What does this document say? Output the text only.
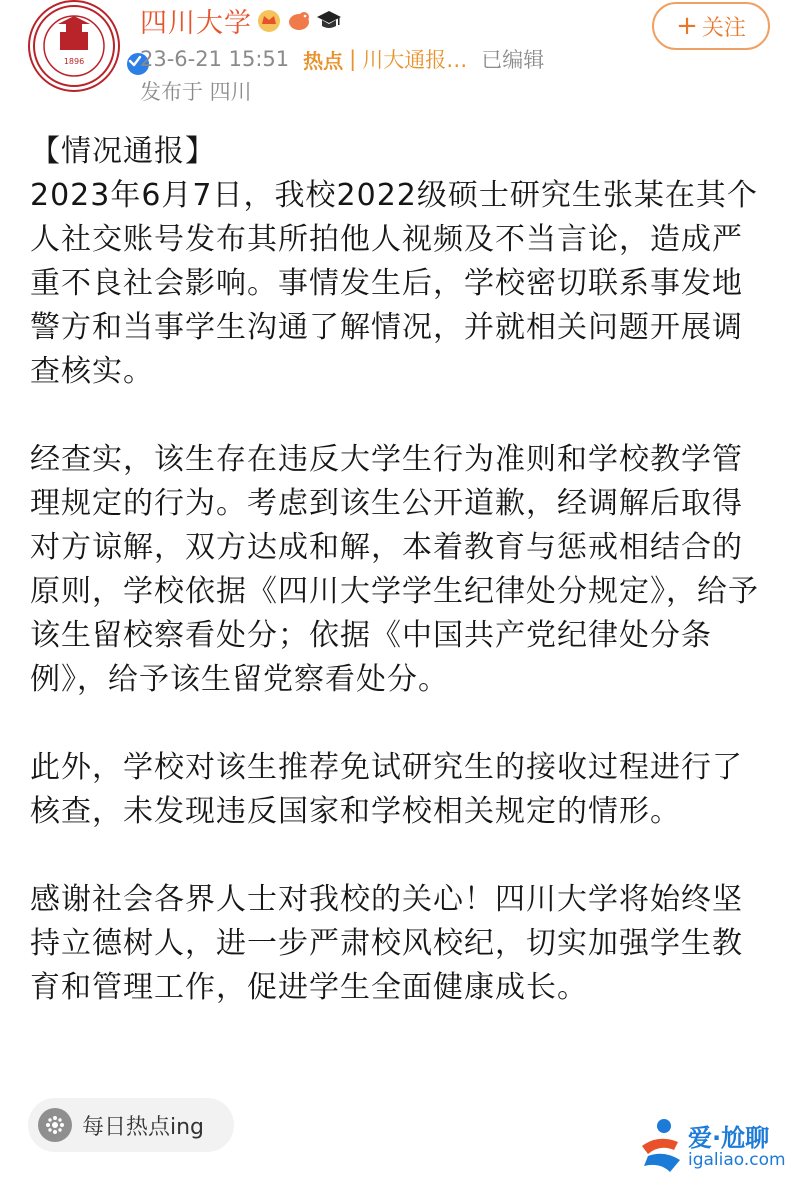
1896
四川大学
23-6-21 15:51 热点 | 川大通报… 已编辑
发布于 四川
+ 关注

【情况通报】
2023年6月7日，我校2022级硕士研究生张某在其个人社交账号发布其所拍他人视频及不当言论，造成严重不良社会影响。事情发生后，学校密切联系事发地警方和当事学生沟通了解情况，并就相关问题开展调查核实。

经查实，该生存在违反大学生行为准则和学校教学管理规定的行为。考虑到该生公开道歉，经调解后取得对方谅解，双方达成和解，本着教育与惩戒相结合的原则，学校依据《四川大学学生纪律处分规定》，给予该生留校察看处分；依据《中国共产党纪律处分条例》，给予该生留党察看处分。

此外，学校对该生推荐免试研究生的接收过程进行了核查，未发现违反国家和学校相关规定的情形。

感谢社会各界人士对我校的关心！四川大学将始终坚持立德树人，进一步严肃校风校纪，切实加强学生教育和管理工作，促进学生全面健康成长。

每日热点ing	爱·尬聊
igaliao.com
